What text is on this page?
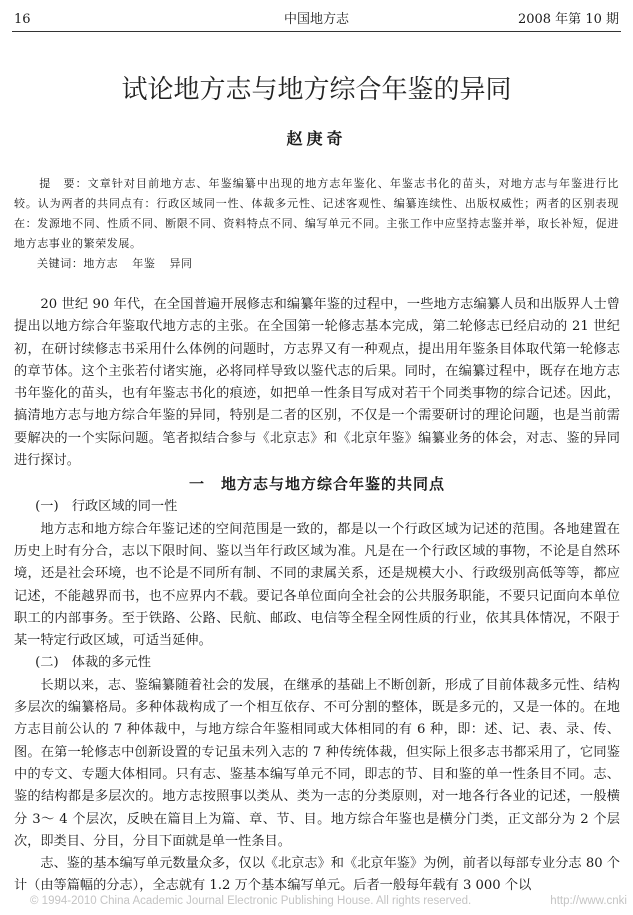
16	中国地方志	2008 年第 10 期
试论地方志与地方综合年鉴的异同
赵庚奇
提　要：文章针对目前地方志、年鉴编纂中出现的地方志年鉴化、年鉴志书化的苗头，对地方志与年鉴进行比较。认为两者的共同点有：行政区域同一性、体裁多元性、记述客观性、编纂连续性、出版权威性；两者的区别表现在：发源地不同、性质不同、断限不同、资料特点不同、编写单元不同。主张工作中应坚持志鉴并举，取长补短，促进地方志事业的繁荣发展。
关键词：地方志 年鉴 异同

20 世纪 90 年代，在全国普遍开展修志和编纂年鉴的过程中，一些地方志编纂人员和出版界人士曾提出以地方综合年鉴取代地方志的主张。在全国第一轮修志基本完成，第二轮修志已经启动的 21 世纪初，在研讨续修志书采用什么体例的问题时，方志界又有一种观点，提出用年鉴条目体取代第一轮修志的章节体。这个主张若付诸实施，必将同样导致以鉴代志的后果。同时，在编纂过程中，既存在地方志书年鉴化的苗头，也有年鉴志书化的痕迹，如把单一性条目写成对若干个同类事物的综合记述。因此，搞清地方志与地方综合年鉴的异同，特别是二者的区别，不仅是一个需要研讨的理论问题，也是当前需要解决的一个实际问题。笔者拟结合参与《北京志》和《北京年鉴》编纂业务的体会，对志、鉴的异同进行探讨。

一　地方志与地方综合年鉴的共同点

(一)　行政区域的同一性

地方志和地方综合年鉴记述的空间范围是一致的，都是以一个行政区域为记述的范围。各地建置在历史上时有分合，志以下限时间、鉴以当年行政区域为准。凡是在一个行政区域的事物，不论是自然环境，还是社会环境，也不论是不同所有制、不同的隶属关系，还是规模大小、行政级别高低等等，都应记述，不能越界而书，也不应界内不载。要记各单位面向全社会的公共服务职能，不要只记面向本单位职工的内部事务。至于铁路、公路、民航、邮政、电信等全程全网性质的行业，依其具体情况，不限于某一特定行政区域，可适当延伸。

(二)　体裁的多元性

长期以来，志、鉴编纂随着社会的发展，在继承的基础上不断创新，形成了目前体裁多元性、结构多层次的编纂格局。多种体裁构成了一个相互依存、不可分割的整体，既是多元的，又是一体的。在地方志目前公认的 7 种体裁中，与地方综合年鉴相同或大体相同的有 6 种，即：述、记、表、录、传、图。在第一轮修志中创新设置的专记虽未列入志的 7 种传统体裁，但实际上很多志书都采用了，它同鉴中的专文、专题大体相同。只有志、鉴基本编写单元不同，即志的节、目和鉴的单一性条目不同。志、鉴的结构都是多层次的。地方志按照事以类从、类为一志的分类原则，对一地各行各业的记述，一般横分 3～ 4 个层次，反映在篇目上为篇、章、节、目。地方综合年鉴也是横分门类，正文部分为 2 个层次，即类目、分目，分目下面就是单一性条目。

志、鉴的基本编写单元数量众多，仅以《北京志》和《北京年鉴》为例，前者以每部专业分志 80 个计（由等篇幅的分志），全志就有 1.2 万个基本编写单元。后者一般每年载有 3 000 个以

© 1994-2010 China Academic Journal Electronic Publishing House. All rights reserved.	http://www.cnki
